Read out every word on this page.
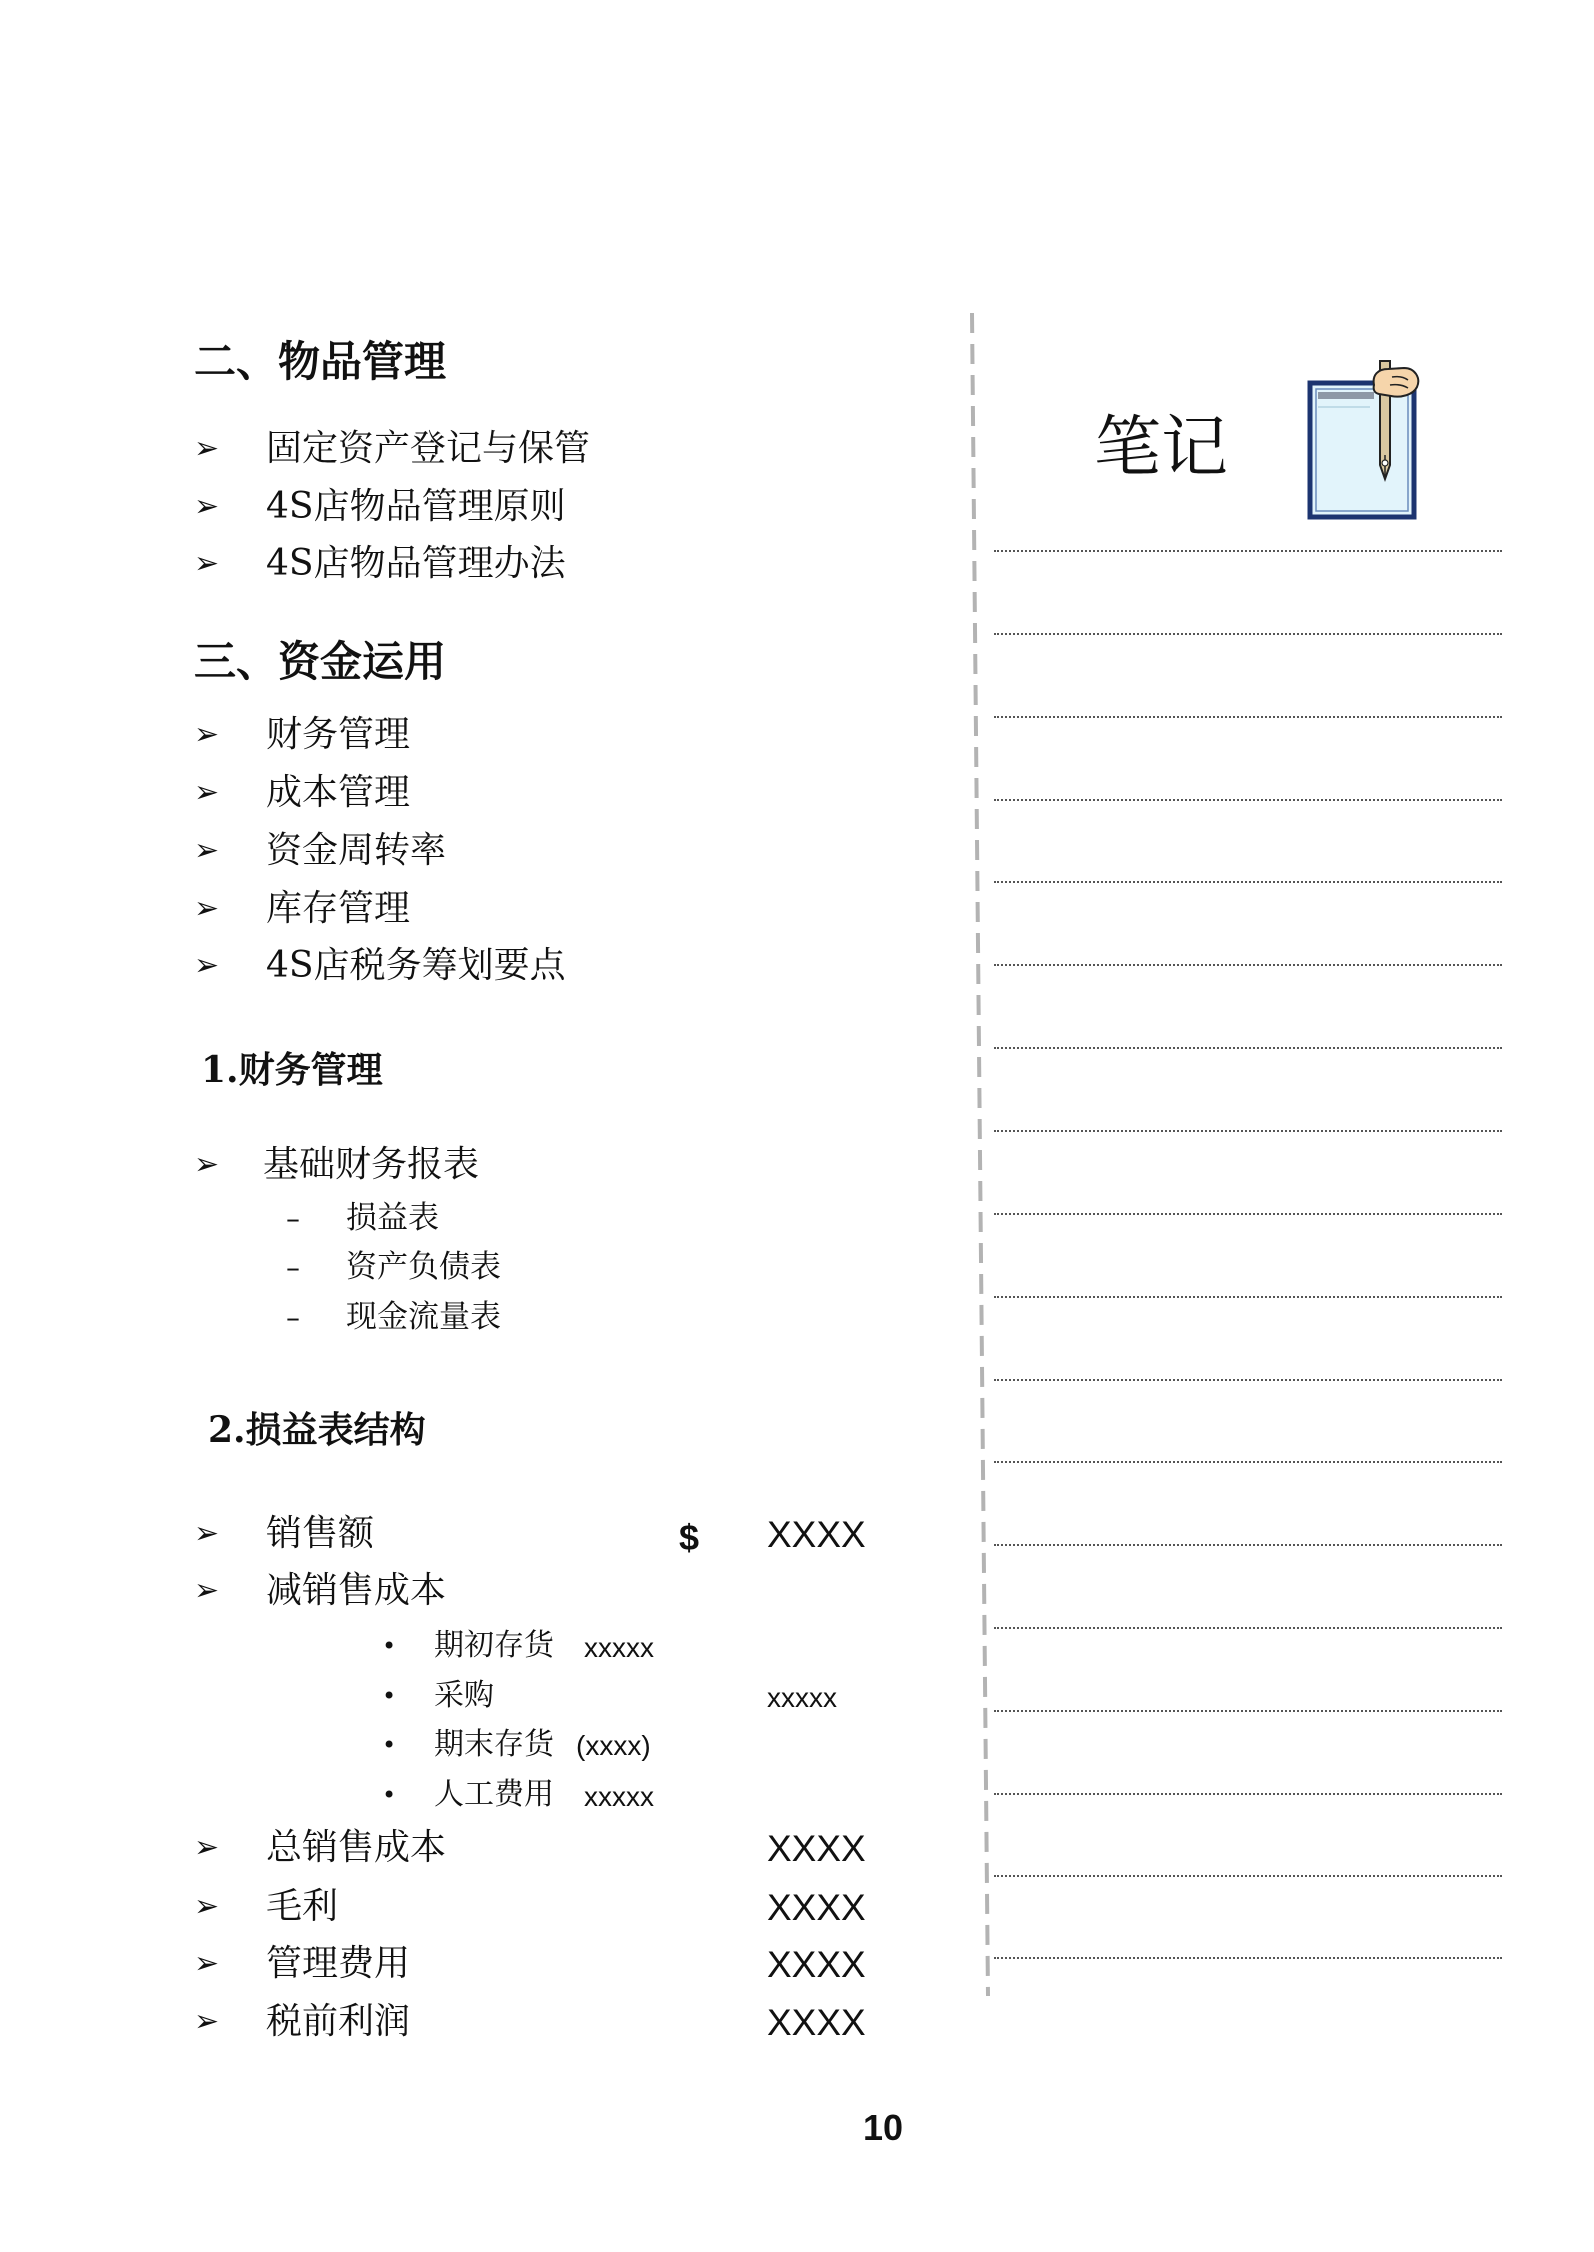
二、物品管理
➢ 固定资产登记与保管
➢ 4S店物品管理原则
➢ 4S店物品管理办法
三、资金运用
➢ 财务管理
➢ 成本管理
➢ 资金周转率
➢ 库存管理
➢ 4S店税务筹划要点
1.财务管理
➢ 基础财务报表
– 损益表
– 资产负债表
– 现金流量表
2.损益表结构
➢ 销售额	$ XXXX
➢ 减销售成本
• 期初存货 xxxxx
• 采购	xxxxx
• 期末存货 (xxxx)
• 人工费用 xxxxx
➢ 总销售成本	XXXX
➢ 毛利	XXXX
➢ 管理费用	XXXX
➢ 税前利润	XXXX
笔记
10
